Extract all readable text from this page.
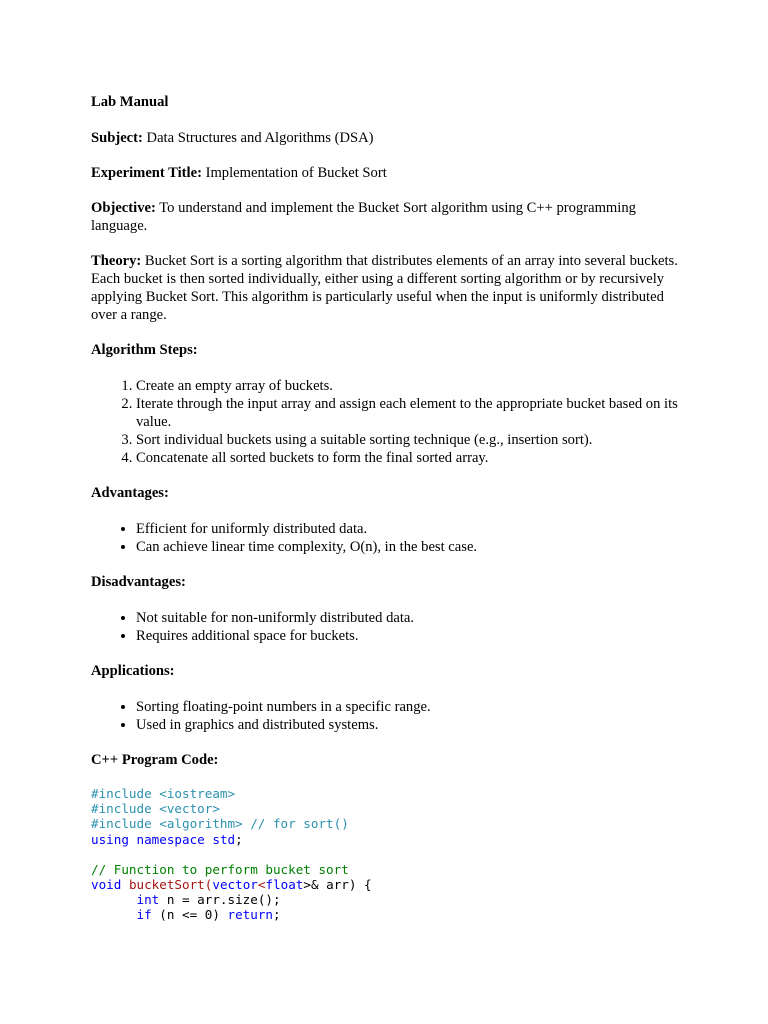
Lab Manual

Subject: Data Structures and Algorithms (DSA)

Experiment Title: Implementation of Bucket Sort

Objective: To understand and implement the Bucket Sort algorithm using C++ programming language.

Theory: Bucket Sort is a sorting algorithm that distributes elements of an array into several buckets. Each bucket is then sorted individually, either using a different sorting algorithm or by recursively applying Bucket Sort. This algorithm is particularly useful when the input is uniformly distributed over a range.

Algorithm Steps:

1. Create an empty array of buckets.
2. Iterate through the input array and assign each element to the appropriate bucket based on its value.
3. Sort individual buckets using a suitable sorting technique (e.g., insertion sort).
4. Concatenate all sorted buckets to form the final sorted array.

Advantages:

• Efficient for uniformly distributed data.
• Can achieve linear time complexity, O(n), in the best case.

Disadvantages:

• Not suitable for non-uniformly distributed data.
• Requires additional space for buckets.

Applications:

• Sorting floating-point numbers in a specific range.
• Used in graphics and distributed systems.

C++ Program Code:

#include <iostream>
#include <vector>
#include <algorithm> // for sort()
using namespace std;
// Function to perform bucket sort
void bucketSort(vector<float>& arr) {
int n = arr.size();
if (n <= 0) return;
